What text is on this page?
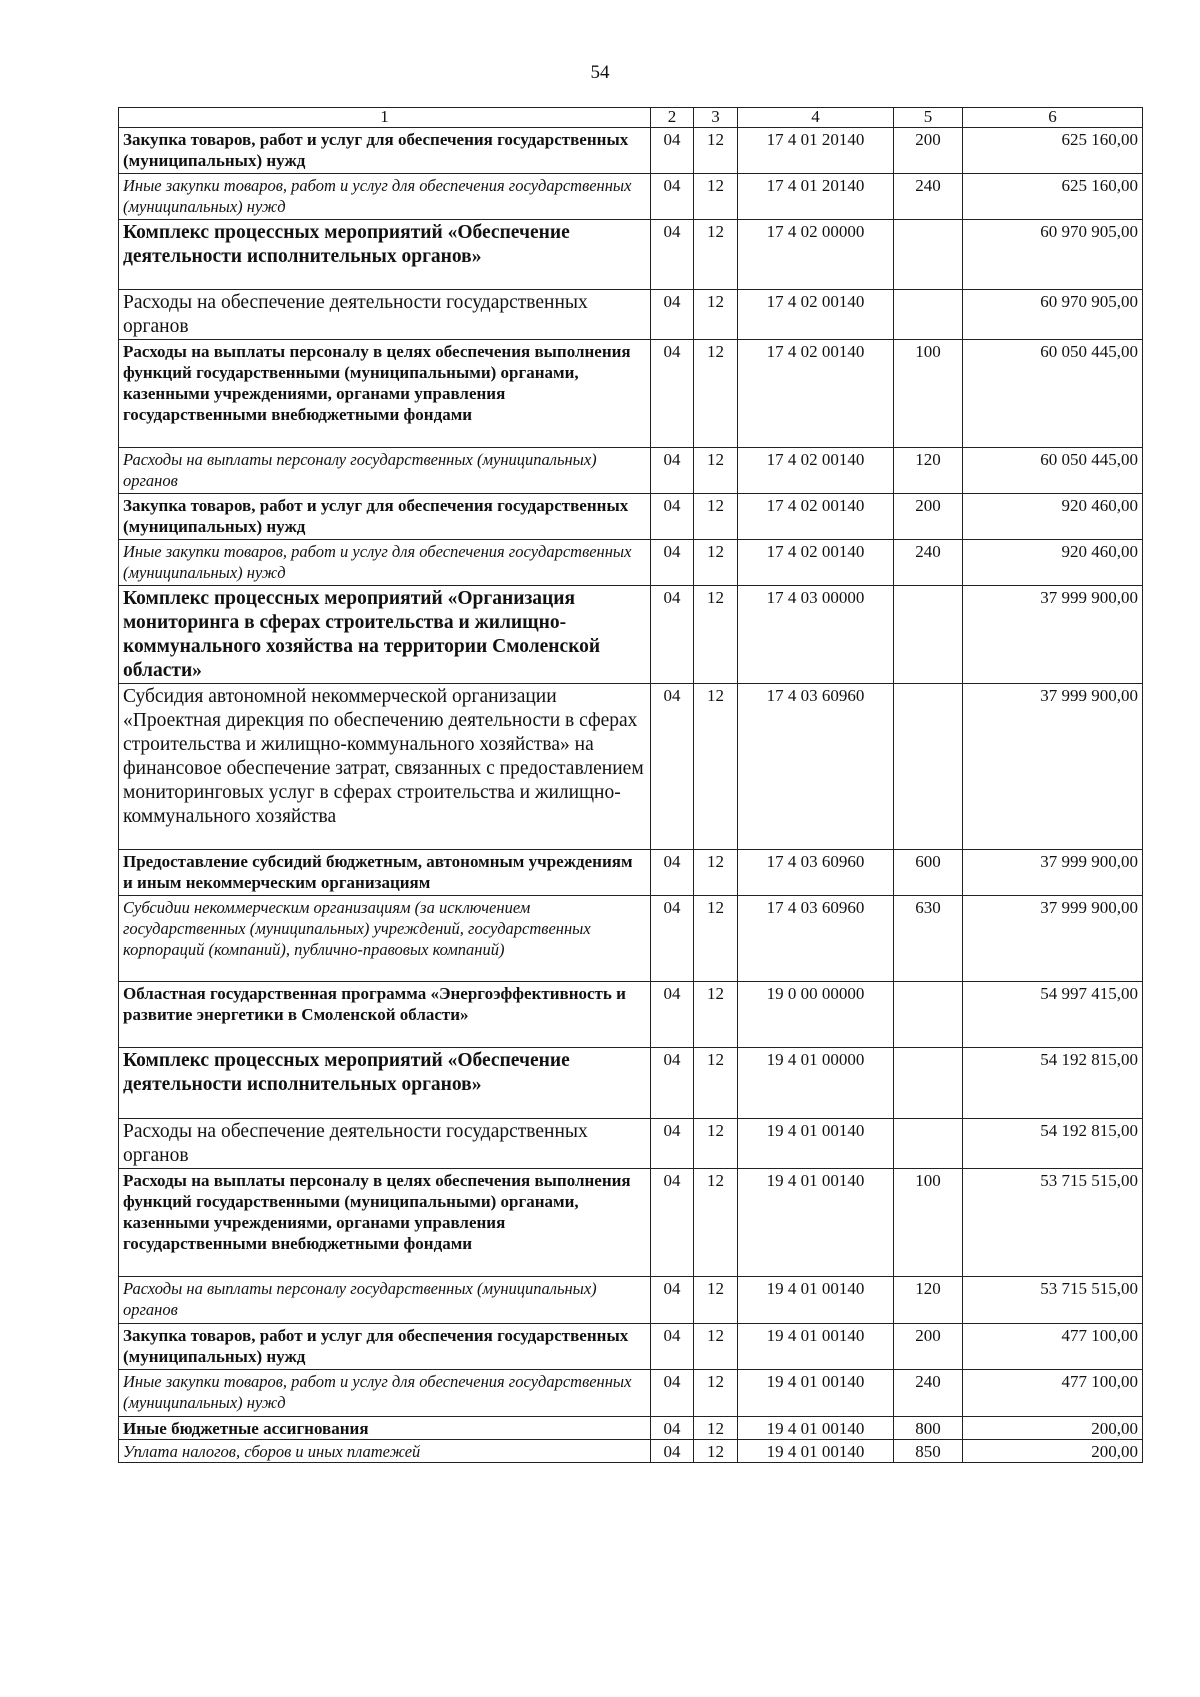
54
1	2	3	4	5	6
Закупка товаров, работ и услуг для обеспечения государственных (муниципальных) нужд	04	12	17 4 01 20140	200	625 160,00
Иные закупки товаров, работ и услуг для обеспечения государственных (муниципальных) нужд	04	12	17 4 01 20140	240	625 160,00
Комплекс процессных мероприятий «Обеспечение деятельности исполнительных органов»	04	12	17 4 02 00000		60 970 905,00
Расходы на обеспечение деятельности государственных органов	04	12	17 4 02 00140		60 970 905,00
Расходы на выплаты персоналу в целях обеспечения выполнения функций государственными (муниципальными) органами, казенными учреждениями, органами управления государственными внебюджетными фондами	04	12	17 4 02 00140	100	60 050 445,00
Расходы на выплаты персоналу государственных (муниципальных) органов	04	12	17 4 02 00140	120	60 050 445,00
Закупка товаров, работ и услуг для обеспечения государственных (муниципальных) нужд	04	12	17 4 02 00140	200	920 460,00
Иные закупки товаров, работ и услуг для обеспечения государственных (муниципальных) нужд	04	12	17 4 02 00140	240	920 460,00
Комплекс процессных мероприятий «Организация мониторинга в сферах строительства и жилищно-коммунального хозяйства на территории Смоленской области»	04	12	17 4 03 00000		37 999 900,00
Субсидия автономной некоммерческой организации «Проектная дирекция по обеспечению деятельности в сферах строительства и жилищно-коммунального хозяйства» на финансовое обеспечение затрат, связанных с предоставлением мониторинговых услуг в сферах строительства и жилищно-коммунального хозяйства	04	12	17 4 03 60960		37 999 900,00
Предоставление субсидий бюджетным, автономным учреждениям и иным некоммерческим организациям	04	12	17 4 03 60960	600	37 999 900,00
Субсидии некоммерческим организациям (за исключением государственных (муниципальных) учреждений, государственных корпораций (компаний), публично-правовых компаний)	04	12	17 4 03 60960	630	37 999 900,00
Областная государственная программа «Энергоэффективность и развитие энергетики в Смоленской области»	04	12	19 0 00 00000		54 997 415,00
Комплекс процессных мероприятий «Обеспечение деятельности исполнительных органов»	04	12	19 4 01 00000		54 192 815,00
Расходы на обеспечение деятельности государственных органов	04	12	19 4 01 00140		54 192 815,00
Расходы на выплаты персоналу в целях обеспечения выполнения функций государственными (муниципальными) органами, казенными учреждениями, органами управления государственными внебюджетными фондами	04	12	19 4 01 00140	100	53 715 515,00
Расходы на выплаты персоналу государственных (муниципальных) органов	04	12	19 4 01 00140	120	53 715 515,00
Закупка товаров, работ и услуг для обеспечения государственных (муниципальных) нужд	04	12	19 4 01 00140	200	477 100,00
Иные закупки товаров, работ и услуг для обеспечения государственных (муниципальных) нужд	04	12	19 4 01 00140	240	477 100,00
Иные бюджетные ассигнования	04	12	19 4 01 00140	800	200,00
Уплата налогов, сборов и иных платежей	04	12	19 4 01 00140	850	200,00
